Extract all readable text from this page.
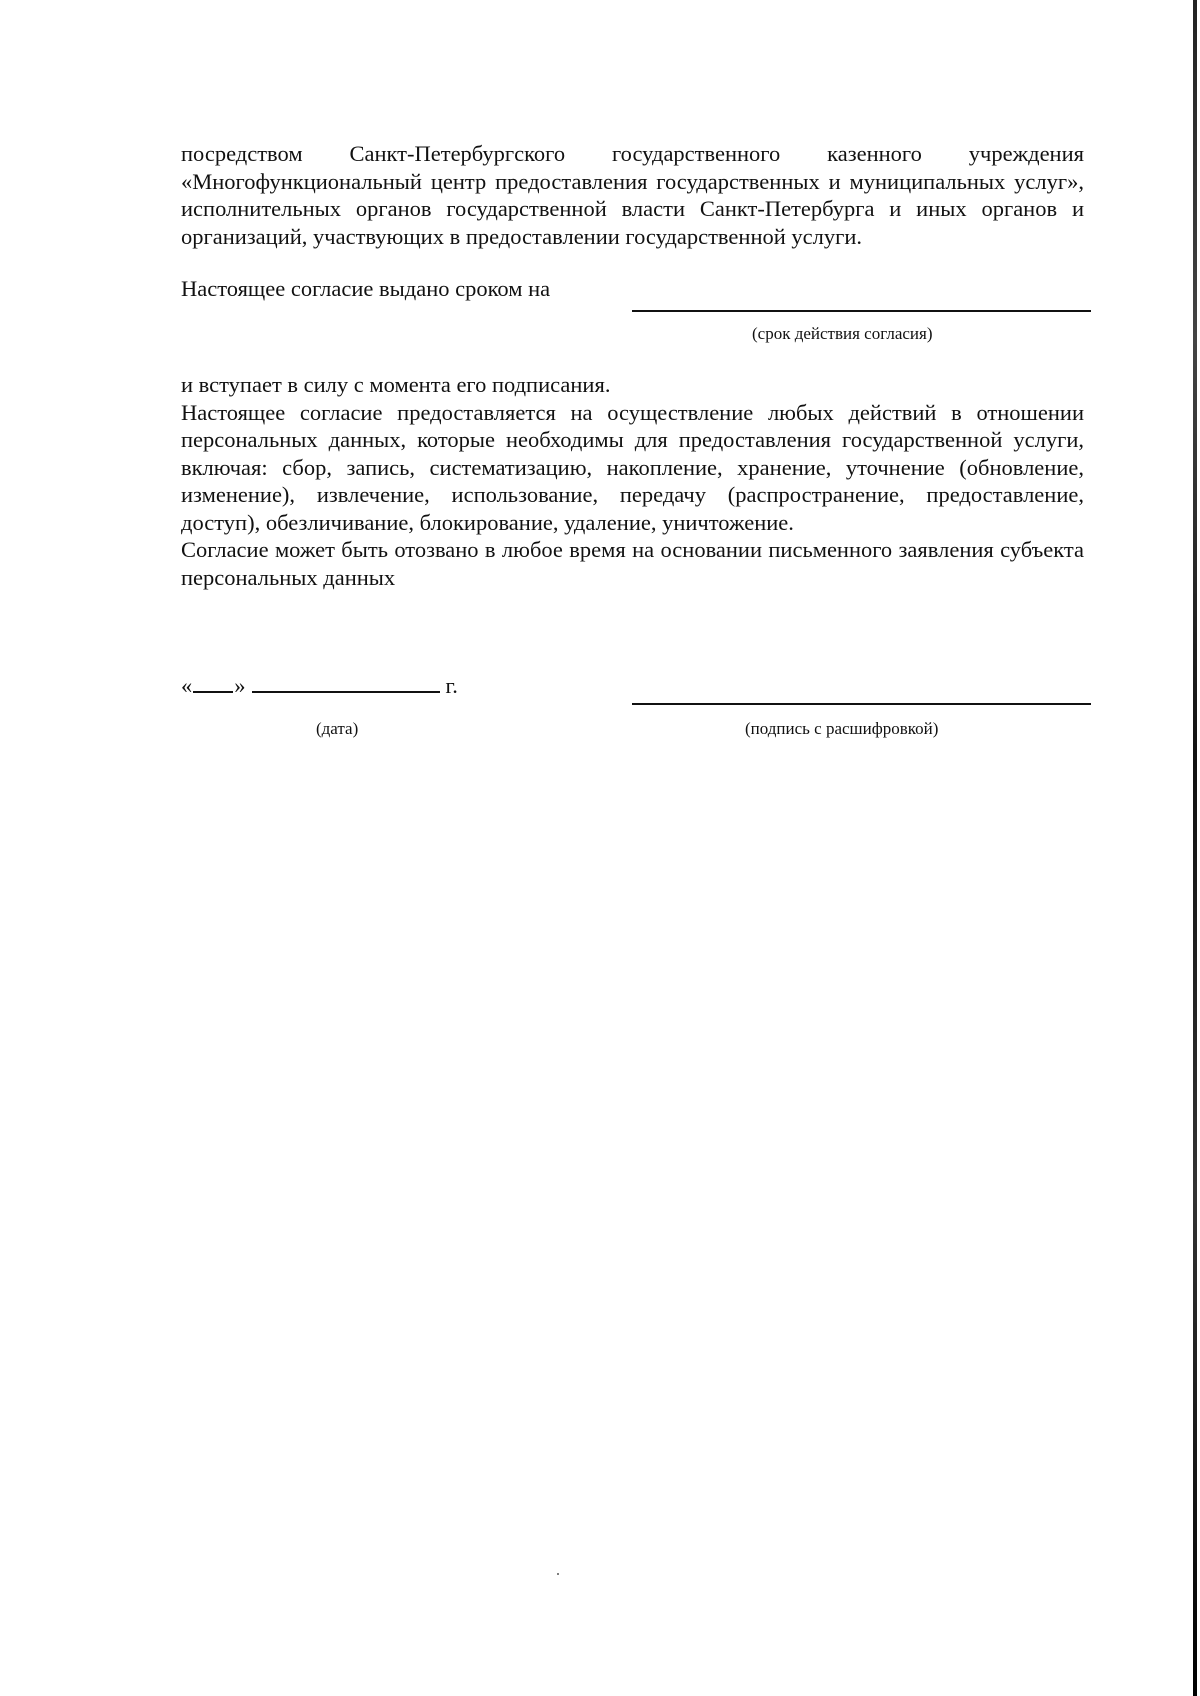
посредством Санкт-Петербургского государственного казенного учреждения «Многофункциональный центр предоставления государственных и муниципальных услуг», исполнительных органов государственной власти Санкт-Петербурга и иных органов и организаций, участвующих в предоставлении государственной услуги.
Настоящее согласие выдано сроком на
(срок действия согласия)
и вступает в силу с момента его подписания.
Настоящее согласие предоставляется на осуществление любых действий в отношении персональных данных, которые необходимы для предоставления государственной услуги, включая: сбор, запись, систематизацию, накопление, хранение, уточнение (обновление, изменение), извлечение, использование, передачу (распространение, предоставление, доступ), обезличивание, блокирование, удаление, уничтожение.
Согласие может быть отозвано в любое время на основании письменного заявления субъекта персональных данных
« »	г.
(дата)	(подпись с расшифровкой)
